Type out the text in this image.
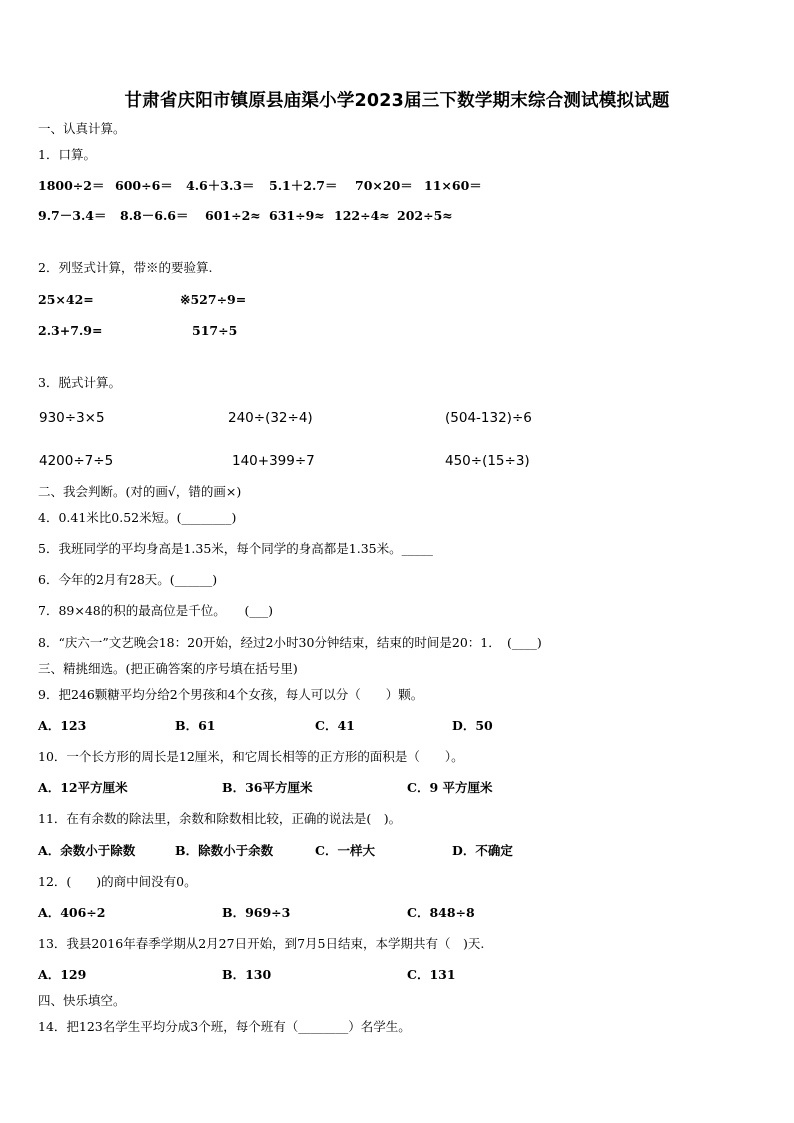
甘肃省庆阳市镇原县庙渠小学2023届三下数学期末综合测试模拟试题
一、认真计算。
1．口算。
1800÷2＝ 600÷6＝ 4.6＋3.3＝ 5.1＋2.7＝ 70×20＝ 11×60＝
9.7－3.4＝ 8.8－6.6＝ 601÷2≈ 631÷9≈ 122÷4≈ 202÷5≈
2．列竖式计算，带※的要验算.
25×42=	※527÷9=
2.3+7.9=	517÷5
3．脱式计算。
930÷3×5	240÷(32÷4)	(504-132)÷6
4200÷7÷5	140+399÷7	450÷(15÷3)
二、我会判断。(对的画√，错的画×)
4．0.41米比0.52米短。(________)
5．我班同学的平均身高是1.35米，每个同学的身高都是1.35米。_____
6．今年的2月有28天。(______)
7．89×48的积的最高位是千位。　　(___)
8．“庆六一”文艺晚会18：20开始，经过2小时30分钟结束，结束的时间是20：1．　(____)
三、精挑细选。(把正确答案的序号填在括号里)
9．把246颗糖平均分给2个男孩和4个女孩，每人可以分（　　）颗。
A．123	B．61	C．41	D．50
10．一个长方形的周长是12厘米，和它周长相等的正方形的面积是（　　）。
A．12平方厘米	B．36平方厘米	C．9 平方厘米
11．在有余数的除法里，余数和除数相比较，正确的说法是(　)。
A．余数小于除数	B．除数小于余数	C．一样大	D．不确定
12．(　　)的商中间没有0。
A．406÷2	B．969÷3	C．848÷8
13．我县2016年春季学期从2月27日开始，到7月5日结束，本学期共有（　)天.
A．129	B．130	C．131
四、快乐填空。
14．把123名学生平均分成3个班，每个班有（________）名学生。
